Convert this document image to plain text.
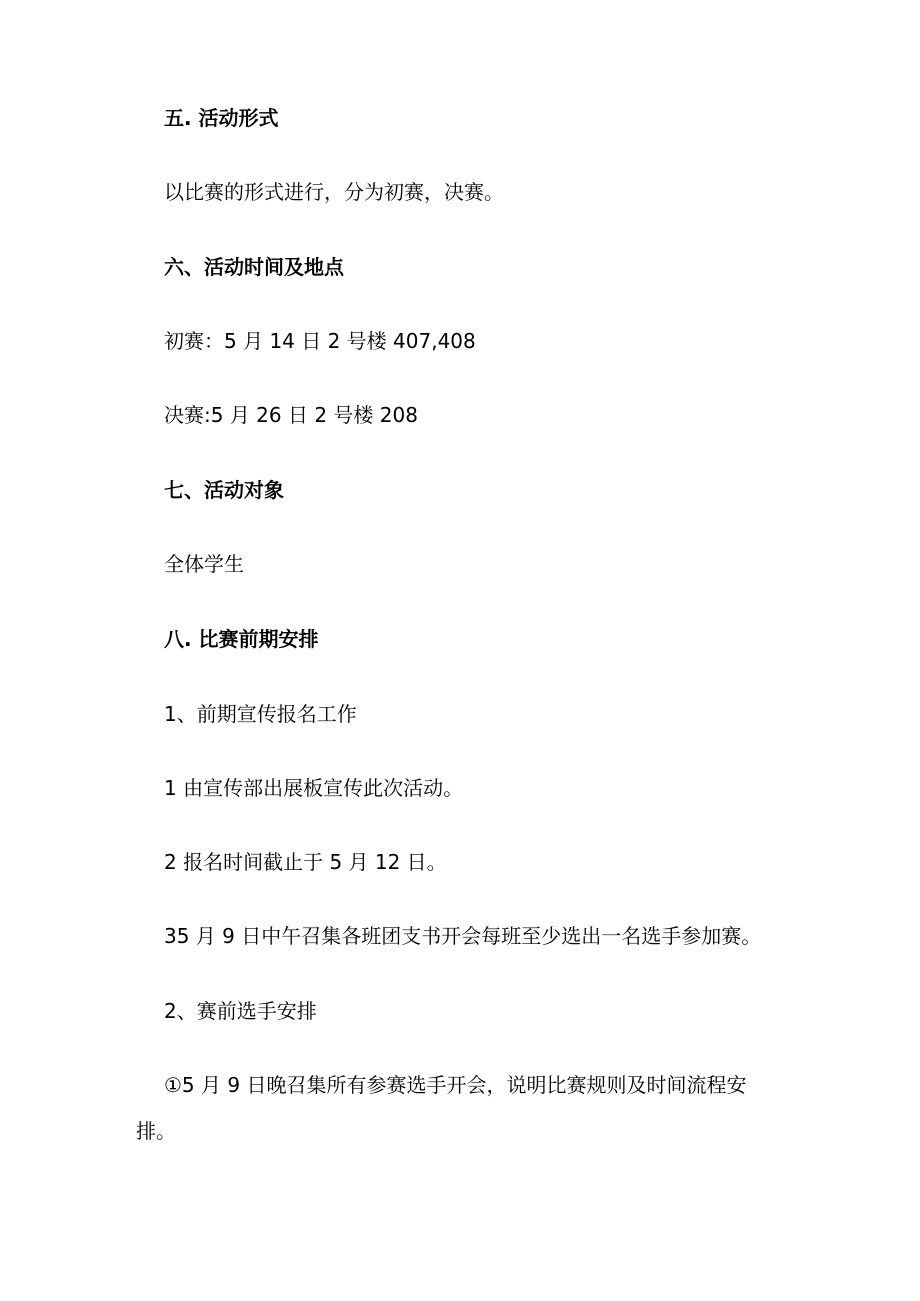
五. 活动形式
以比赛的形式进行，分为初赛，决赛。
六、活动时间及地点
初赛：5 月 14 日 2 号楼 407,408
决赛:5 月 26 日 2 号楼 208
七、活动对象
全体学生
八. 比赛前期安排
1、前期宣传报名工作
1 由宣传部出展板宣传此次活动。
2 报名时间截止于 5 月 12 日。
35 月 9 日中午召集各班团支书开会每班至少选出一名选手参加赛。
2、赛前选手安排
①5 月 9 日晚召集所有参赛选手开会，说明比赛规则及时间流程安
排。
